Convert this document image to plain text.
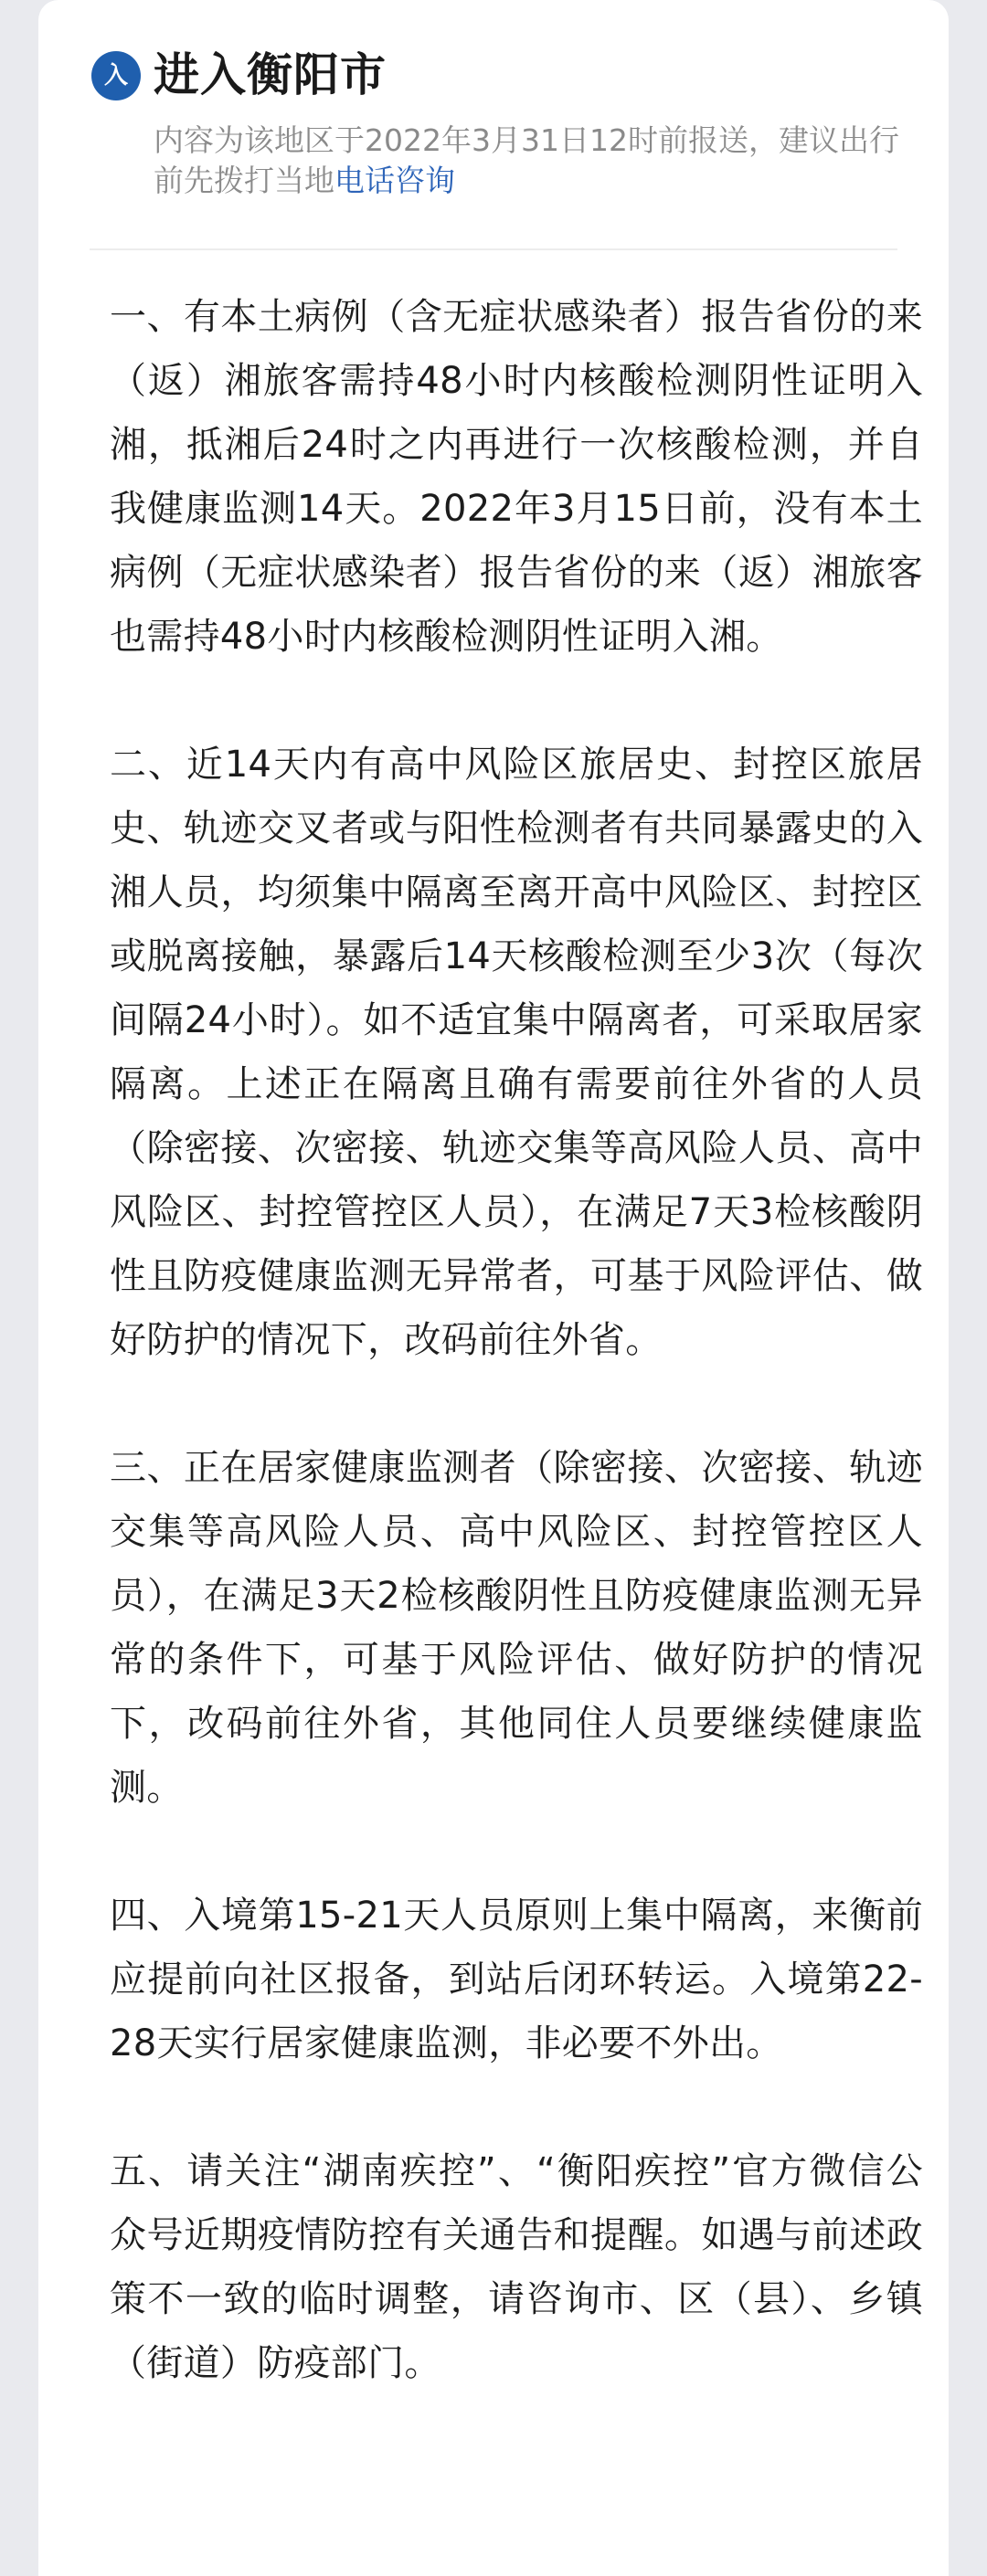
入 进入衡阳市
内容为该地区于2022年3月31日12时前报送，建议出行前先拨打当地电话咨询

一、有本土病例（含无症状感染者）报告省份的来（返）湘旅客需持48小时内核酸检测阴性证明入湘，抵湘后24时之内再进行一次核酸检测，并自我健康监测14天。2022年3月15日前，没有本土病例（无症状感染者）报告省份的来（返）湘旅客也需持48小时内核酸检测阴性证明入湘。

二、近14天内有高中风险区旅居史、封控区旅居史、轨迹交叉者或与阳性检测者有共同暴露史的入湘人员，均须集中隔离至离开高中风险区、封控区或脱离接触，暴露后14天核酸检测至少3次（每次间隔24小时）。如不适宜集中隔离者，可采取居家隔离。上述正在隔离且确有需要前往外省的人员（除密接、次密接、轨迹交集等高风险人员、高中风险区、封控管控区人员），在满足7天3检核酸阴性且防疫健康监测无异常者，可基于风险评估、做好防护的情况下，改码前往外省。

三、正在居家健康监测者（除密接、次密接、轨迹交集等高风险人员、高中风险区、封控管控区人员），在满足3天2检核酸阴性且防疫健康监测无异常的条件下，可基于风险评估、做好防护的情况下，改码前往外省，其他同住人员要继续健康监测。

四、入境第15-21天人员原则上集中隔离，来衡前应提前向社区报备，到站后闭环转运。入境第22-28天实行居家健康监测，非必要不外出。

五、请关注“湖南疾控”、“衡阳疾控”官方微信公众号近期疫情防控有关通告和提醒。如遇与前述政策不一致的临时调整，请咨询市、区（县）、乡镇（街道）防疫部门。
